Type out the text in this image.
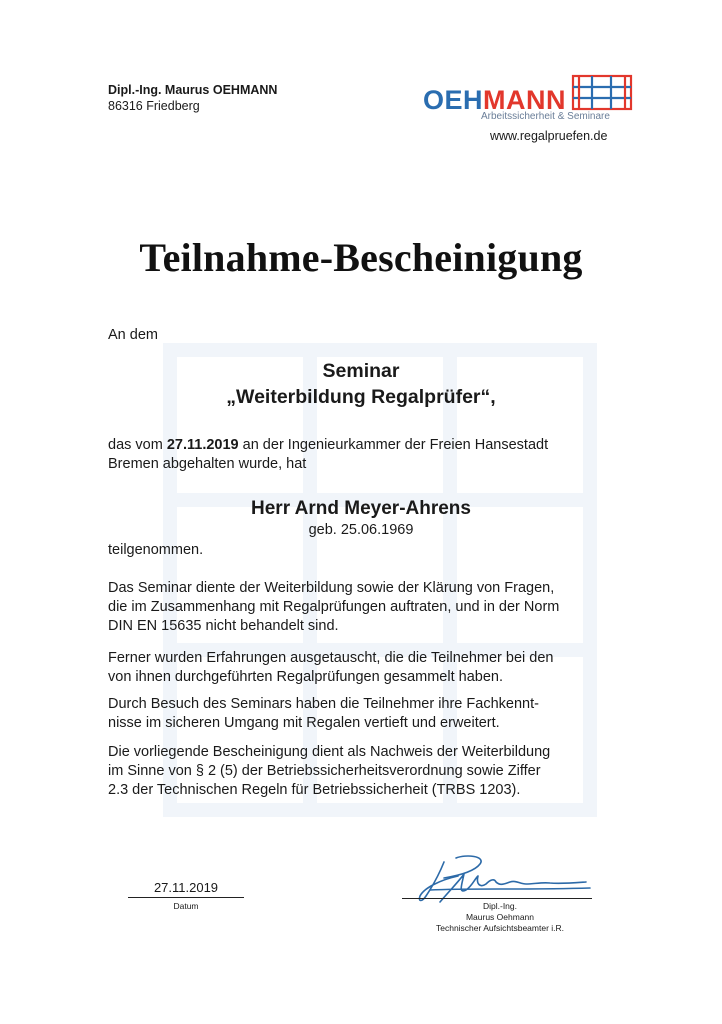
Dipl.-Ing. Maurus OEHMANN
86316 Friedberg	OEHMANN
Arbeitssicherheit & Seminare
www.regalpruefen.de
Teilnahme-Bescheinigung
An dem
Seminar
„Weiterbildung Regalprüfer“,
das vom 27.11.2019 an der Ingenieurkammer der Freien Hansestadt
Bremen abgehalten wurde, hat
Herr Arnd Meyer-Ahrens
geb. 25.06.1969
teilgenommen.
Das Seminar diente der Weiterbildung sowie der Klärung von Fragen,
die im Zusammenhang mit Regalprüfungen auftraten, und in der Norm
DIN EN 15635 nicht behandelt sind.
Ferner wurden Erfahrungen ausgetauscht, die die Teilnehmer bei den
von ihnen durchgeführten Regalprüfungen gesammelt haben.
Durch Besuch des Seminars haben die Teilnehmer ihre Fachkennt-
nisse im sicheren Umgang mit Regalen vertieft und erweitert.
Die vorliegende Bescheinigung dient als Nachweis der Weiterbildung
im Sinne von § 2 (5) der Betriebssicherheitsverordnung sowie Ziffer
2.3 der Technischen Regeln für Betriebssicherheit (TRBS 1203).
27.11.2019
Datum	Dipl.-Ing.
Maurus Oehmann
Technischer Aufsichtsbeamter i.R.
